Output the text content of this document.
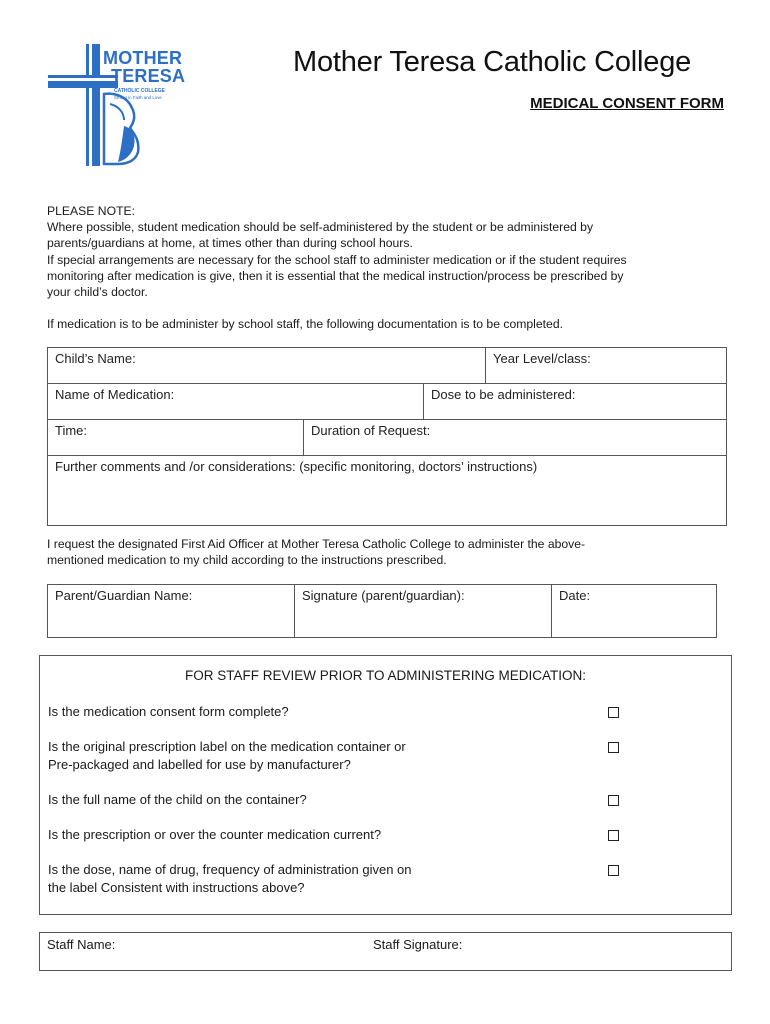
MOTHER
TERESA
CATHOLIC COLLEGE
Strong in Faith and Love
Mother Teresa Catholic College
MEDICAL CONSENT FORM

PLEASE NOTE:

Where possible, student medication should be self-administered by the student or be administered by

parents/guardians at home, at times other than during school hours.

If special arrangements are necessary for the school staff to administer medication or if the student requires

monitoring after medication is give, then it is essential that the medical instruction/process be prescribed by

your child’s doctor.

If medication is to be administer by school staff, the following documentation is to be completed.

Child’s Name:	Year Level/class:
Name of Medication:	Dose to be administered:
Time:	Duration of Request:
Further comments and /or considerations: (specific monitoring, doctors’ instructions)

I request the designated First Aid Officer at Mother Teresa Catholic College to administer the above-

mentioned medication to my child according to the instructions prescribed.

Parent/Guardian Name:	Signature (parent/guardian):	Date:
FOR STAFF REVIEW PRIOR TO ADMINISTERING MEDICATION:
Is the medication consent form complete?
Is the original prescription label on the medication container or
Pre-packaged and labelled for use by manufacturer?
Is the full name of the child on the container?
Is the prescription or over the counter medication current?
Is the dose, name of drug, frequency of administration given on
the label Consistent with instructions above?
Staff Name:	Staff Signature:
